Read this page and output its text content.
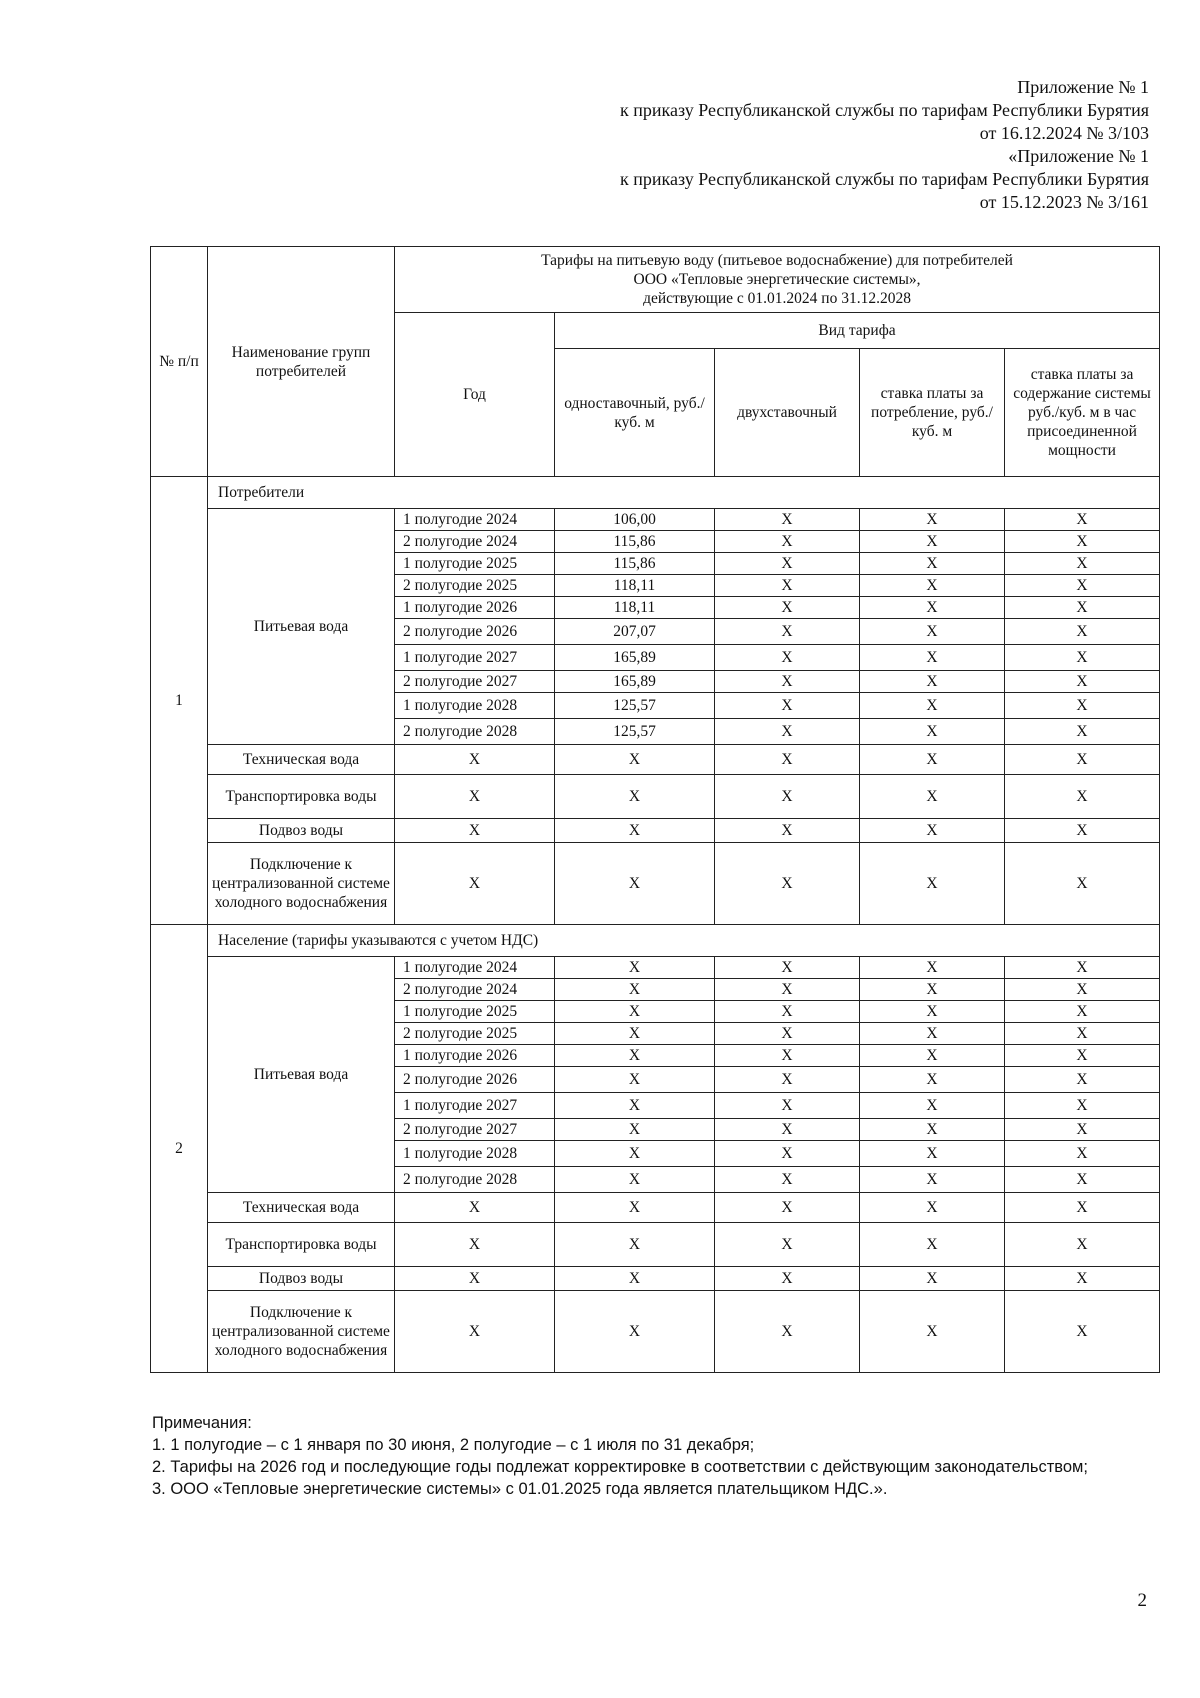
Приложение № 1
к приказу Республиканской службы по тарифам Республики Бурятия
от 16.12.2024 № 3/103
«Приложение № 1
к приказу Республиканской службы по тарифам Республики Бурятия
от 15.12.2023 № 3/161
№ п/п	Наименование групп потребителей	Тарифы на питьевую воду (питьевое водоснабжение) для потребителей
ООО «Тепловые энергетические системы»,
действующие с 01.01.2024 по 31.12.2028				

		Год	Вид тарифа			
			одноставочный, руб./ куб. м	двухставочный	ставка платы за потребление, руб./ куб. м	ставка платы за содержание системы руб./куб. м в час присоединенной мощности
1	Потребители					
	Питьевая вода	1 полугодие 2024	106,00	X	X	X
		2 полугодие 2024	115,86	X	X	X
		1 полугодие 2025	115,86	X	X	X
		2 полугодие 2025	118,11	X	X	X
		1 полугодие 2026	118,11	X	X	X
		2 полугодие 2026	207,07	X	X	X
		1 полугодие 2027	165,89	X	X	X
		2 полугодие 2027	165,89	X	X	X
		1 полугодие 2028	125,57	X	X	X
		2 полугодие 2028	125,57	X	X	X
	Техническая вода	X	X	X	X	X
	Транспортировка воды	X	X	X	X	X
	Подвоз воды	X	X	X	X	X
	Подключение к централизованной системе холодного водоснабжения	X	X	X	X	X
2	Население (тарифы указываются с учетом НДС)					
	Питьевая вода	1 полугодие 2024	X	X	X	X
		2 полугодие 2024	X	X	X	X
		1 полугодие 2025	X	X	X	X
		2 полугодие 2025	X	X	X	X
		1 полугодие 2026	X	X	X	X
		2 полугодие 2026	X	X	X	X
		1 полугодие 2027	X	X	X	X
		2 полугодие 2027	X	X	X	X
		1 полугодие 2028	X	X	X	X
		2 полугодие 2028	X	X	X	X
	Техническая вода	X	X	X	X	X
	Транспортировка воды	X	X	X	X	X
	Подвоз воды	X	X	X	X	X
	Подключение к централизованной системе холодного водоснабжения	X	X	X	X	X
Примечания:
1. 1 полугодие – с 1 января по 30 июня, 2 полугодие – с 1 июля по 31 декабря;
2. Тарифы на 2026 год и последующие годы подлежат корректировке в соответствии с действующим законодательством;
3. ООО «Тепловые энергетические системы» с 01.01.2025 года является плательщиком НДС.».
2
